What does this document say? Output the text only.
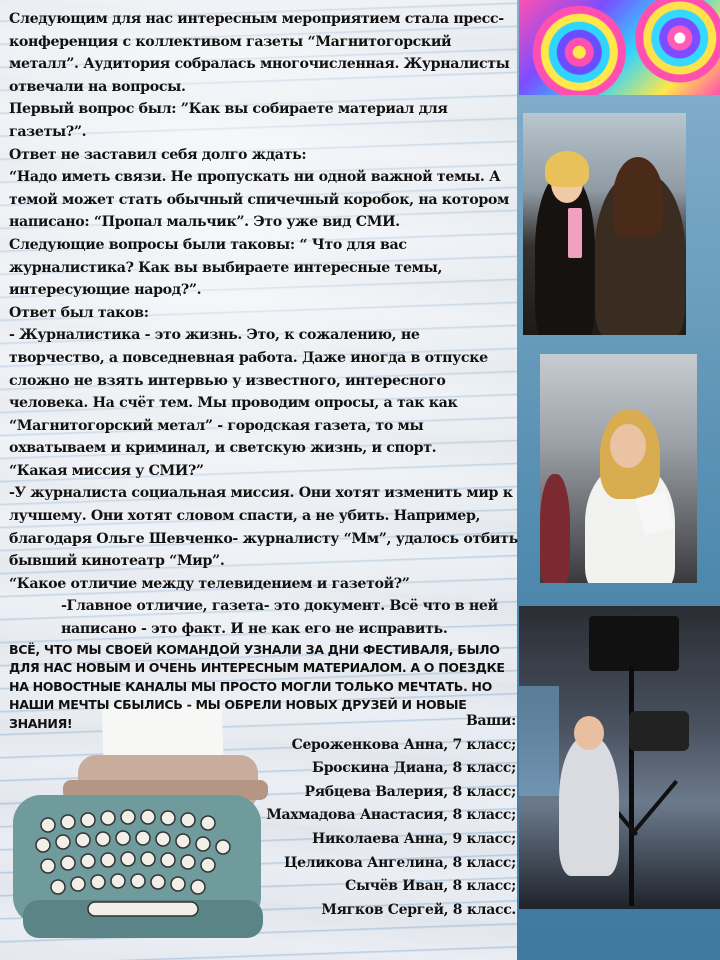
Следующим для нас интересным мероприятием стала пресс-конференция с коллективом газеты “Магнитогорский металл”. Аудитория собралась многочисленная. Журналисты отвечали на вопросы.

Первый вопрос был: ”Как вы собираете материал для газеты?”.

Ответ не заставил себя долго ждать:

“Надо иметь связи. Не пропускать ни одной важной темы. А темой может стать обычный спичечный коробок, на котором написано: “Пропал мальчик”. Это уже вид СМИ.

Следующие вопросы были таковы: “ Что для вас журналистика? Как вы выбираете интересные темы, интересующие народ?”.

Ответ был таков:

- Журналистика - это жизнь. Это, к сожалению, не творчество, а повседневная работа. Даже иногда в отпуске сложно не взять интервью у известного, интересного человека. На счёт тем. Мы проводим опросы, а так как “Магнитогорский метал” - городская газета, то мы охватываем и криминал, и светскую жизнь, и спорт.

“Какая миссия у СМИ?”

-У журналиста социальная миссия. Они хотят изменить мир к лучшему. Они хотят словом спасти, а не убить. Например, благодаря Ольге Шевченко- журналисту “Мм”, удалось отбить бывший кинотеатр “Мир”.

“Какое отличие между телевидением и газетой?”

-Главное отличие, газета- это документ. Всё что в ней написано - это факт. И не как его не исправить.

ВСЁ, ЧТО МЫ СВОЕЙ КОМАНДОЙ УЗНАЛИ ЗА ДНИ ФЕСТИВАЛЯ, БЫЛО ДЛЯ НАС НОВЫМ И ОЧЕНЬ ИНТЕРЕСНЫМ МАТЕРИАЛОМ. А О ПОЕЗДКЕ НА НОВОСТНЫЕ КАНАЛЫ МЫ ПРОСТО МОГЛИ ТОЛЬКО МЕЧТАТЬ. НО НАШИ МЕЧТЫ СБЫЛИСЬ - МЫ ОБРЕЛИ НОВЫХ ДРУЗЕЙ И НОВЫЕ ЗНАНИЯ!	Ваши:

Сероженкова Анна, 7 класс;

Броскина Диана, 8 класс;

Рябцева Валерия, 8 класс;

Махмадова Анастасия, 8 класс;

Николаева Анна, 9 класс;

Целикова Ангелина, 8 класс;

Сычёв Иван, 8 класс;

Мягков Сергей, 8 класс.
